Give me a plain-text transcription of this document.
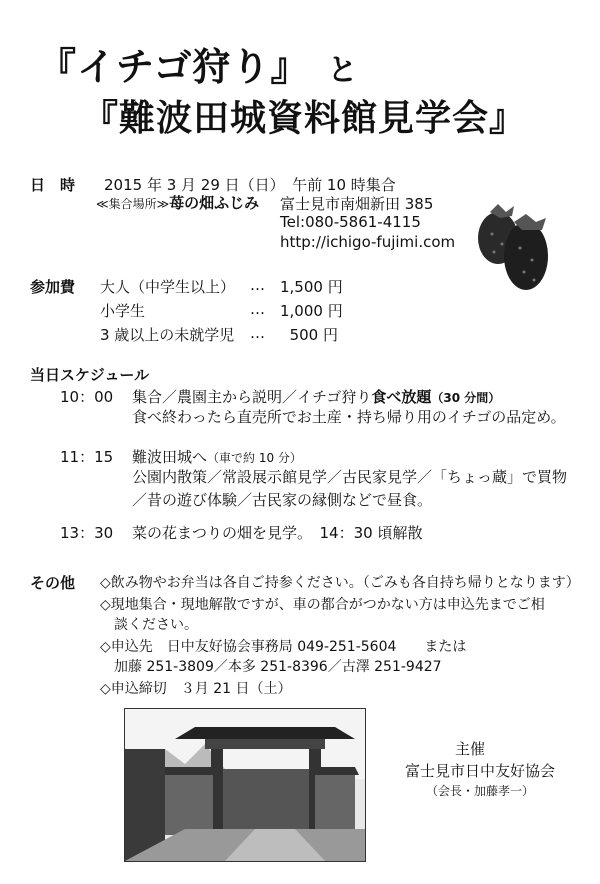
『イチゴ狩り』 と
『難波田城資料館見学会』
日　時 2015 年 3 月 29 日（日）　午前 10 時集合
≪集合場所≫苺の畑ふじみ 富士見市南畑新田 385
Tel:080-5861-4115
http://ichigo-fujimi.com
参加費 大人（中学生以上） … 1,500 円
小学生	… 1,000 円
3 歳以上の未就学児 …	500 円
当日スケジュール
10：00 集合／農園主から説明／イチゴ狩り食べ放題（30 分間）
食べ終わったら直売所でお土産・持ち帰り用のイチゴの品定め。
11：15 難波田城へ（車で約 10 分）
公園内散策／常設展示館見学／古民家見学／「ちょっ蔵」で買物
／昔の遊び体験／古民家の縁側などで昼食。
13：30 菜の花まつりの畑を見学。　14：30 頃解散
その他 ◇飲み物やお弁当は各自ご持参ください。（ごみも各自持ち帰りとなります）
◇現地集合・現地解散ですが、車の都合がつかない方は申込先までご相
　談ください。
◇申込先　日中友好協会事務局 049-251-5604　　または
　加藤 251-3809／本多 251-8396／古澤 251-9427
◇申込締切　３月 21 日（土）
主催
富士見市日中友好協会
（会長・加藤孝一）
